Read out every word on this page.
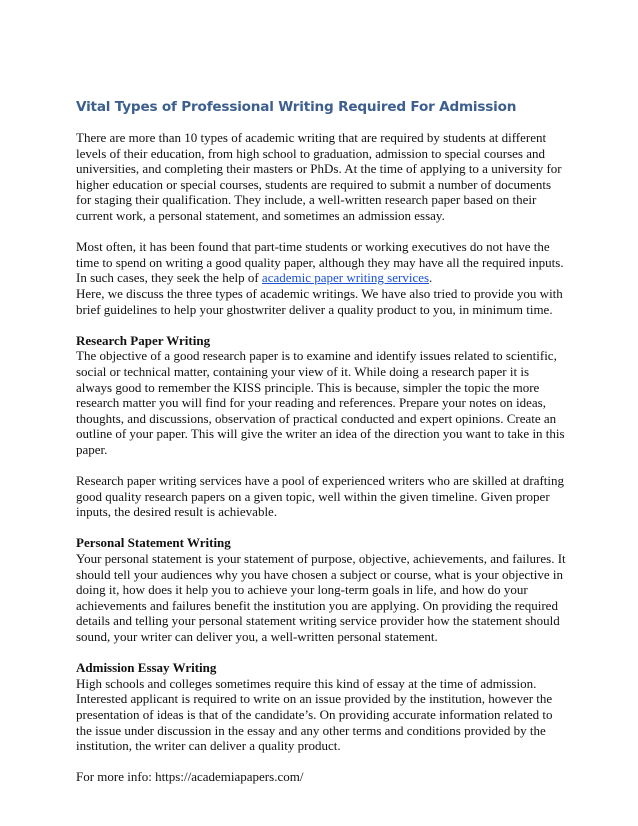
Vital Types of Professional Writing Required For Admission

There are more than 10 types of academic writing that are required by students at different levels of their education, from high school to graduation, admission to special courses and universities, and completing their masters or PhDs. At the time of applying to a university for higher education or special courses, students are required to submit a number of documents for staging their qualification. They include, a well-written research paper based on their current work, a personal statement, and sometimes an admission essay.

Most often, it has been found that part-time students or working executives do not have the time to spend on writing a good quality paper, although they may have all the required inputs. In such cases, they seek the help of academic paper writing services.

Here, we discuss the three types of academic writings. We have also tried to provide you with brief guidelines to help your ghostwriter deliver a quality product to you, in minimum time.

Research Paper Writing

The objective of a good research paper is to examine and identify issues related to scientific, social or technical matter, containing your view of it. While doing a research paper it is always good to remember the KISS principle. This is because, simpler the topic the more research matter you will find for your reading and references. Prepare your notes on ideas, thoughts, and discussions, observation of practical conducted and expert opinions. Create an outline of your paper. This will give the writer an idea of the direction you want to take in this paper.

Research paper writing services have a pool of experienced writers who are skilled at drafting good quality research papers on a given topic, well within the given timeline. Given proper inputs, the desired result is achievable.

Personal Statement Writing

Your personal statement is your statement of purpose, objective, achievements, and failures. It should tell your audiences why you have chosen a subject or course, what is your objective in doing it, how does it help you to achieve your long-term goals in life, and how do your achievements and failures benefit the institution you are applying. On providing the required details and telling your personal statement writing service provider how the statement should sound, your writer can deliver you, a well-written personal statement.

Admission Essay Writing

High schools and colleges sometimes require this kind of essay at the time of admission. Interested applicant is required to write on an issue provided by the institution, however the presentation of ideas is that of the candidate’s. On providing accurate information related to the issue under discussion in the essay and any other terms and conditions provided by the institution, the writer can deliver a quality product.

For more info: https://academiapapers.com/
